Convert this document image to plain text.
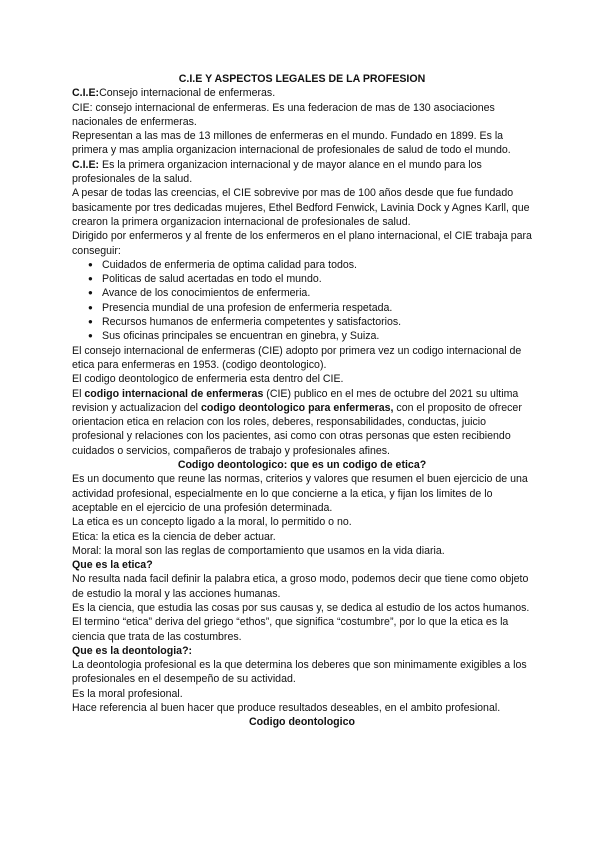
C.I.E Y ASPECTOS LEGALES DE LA PROFESION

C.I.E:Consejo internacional de enfermeras.

CIE: consejo internacional de enfermeras. Es una federacion de mas de 130 asociaciones nacionales de enfermeras.

Representan a las mas de 13 millones de enfermeras en el mundo. Fundado en 1899. Es la primera y mas amplia organizacion internacional de profesionales de salud de todo el mundo.

C.I.E: Es la primera organizacion internacional y de mayor alance en el mundo para los profesionales de la salud.

A pesar de todas las creencias, el CIE sobrevive por mas de 100 años desde que fue fundado basicamente por tres dedicadas mujeres, Ethel Bedford Fenwick, Lavinia Dock y Agnes Karll, que crearon la primera organizacion internacional de profesionales de salud.

Dirigido por enfermeros y al frente de los enfermeros en el plano internacional, el CIE trabaja para conseguir:

● Cuidados de enfermeria de optima calidad para todos.
● Politicas de salud acertadas en todo el mundo.
● Avance de los conocimientos de enfermeria.
● Presencia mundial de una profesion de enfermeria respetada.
● Recursos humanos de enfermeria competentes y satisfactorios.
● Sus oficinas principales se encuentran en ginebra, y Suiza.

El consejo internacional de enfermeras (CIE) adopto por primera vez un codigo internacional de etica para enfermeras en 1953. (codigo deontologico).

El codigo deontologico de enfermeria esta dentro del CIE.

El codigo internacional de enfermeras (CIE) publico en el mes de octubre del 2021 su ultima revision y actualizacion del codigo deontologico para enfermeras, con el proposito de ofrecer orientacion etica en relacion con los roles, deberes, responsabilidades, conductas, juicio profesional y relaciones con los pacientes, asi como con otras personas que esten recibiendo cuidados o servicios, compañeros de trabajo y profesionales afines.

Codigo deontologico: que es un codigo de etica?

Es un documento que reune las normas, criterios y valores que resumen el buen ejercicio de una actividad profesional, especialmente en lo que concierne a la etica, y fijan los limites de lo aceptable en el ejercicio de una profesión determinada.

La etica es un concepto ligado a la moral, lo permitido o no.

Etica: la etica es la ciencia de deber actuar.

Moral: la moral son las reglas de comportamiento que usamos en la vida diaria.

Que es la etica?

No resulta nada facil definir la palabra etica, a groso modo, podemos decir que tiene como objeto de estudio la moral y las acciones humanas.

Es la ciencia, que estudia las cosas por sus causas y, se dedica al estudio de los actos humanos.

El termino “etica” deriva del griego “ethos”, que significa “costumbre”, por lo que la etica es la ciencia que trata de las costumbres.

Que es la deontologia?:

La deontologia profesional es la que determina los deberes que son minimamente exigibles a los profesionales en el desempeño de su actividad.

Es la moral profesional.

Hace referencia al buen hacer que produce resultados deseables, en el ambito profesional.

Codigo deontologico
